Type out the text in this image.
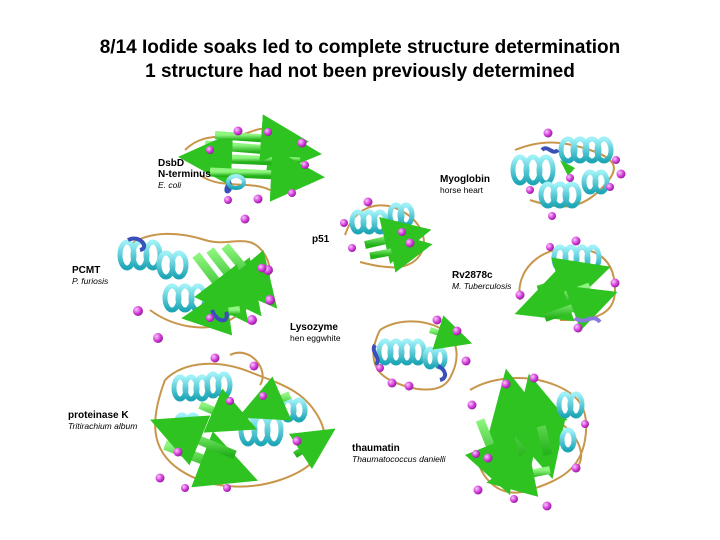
8/14 Iodide soaks led to complete structure determination
1 structure had not been previously determined
DsbD
N-terminus
E. coli	Myoglobin
horse heart
p51
PCMT
P. furiosis	Rv2878c
M. Tuberculosis
Lysozyme
hen eggwhite
proteinase K
Tritirachium album
thaumatin
Thaumatococcus danielli
